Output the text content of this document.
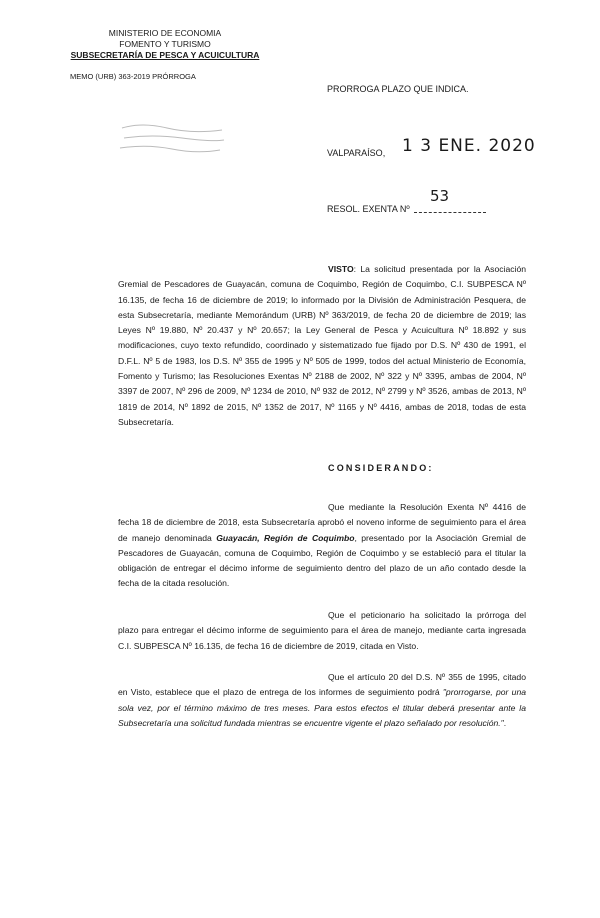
MINISTERIO DE ECONOMIA
FOMENTO Y TURISMO
SUBSECRETARÍA DE PESCA Y ACUICULTURA
MEMO (URB) 363-2019 PRÓRROGA
PRORROGA PLAZO QUE INDICA.
VALPARAÍSO, 1 3 ENE. 2020
53
RESOL. EXENTA Nº
VISTO: La solicitud presentada por la Asociación Gremial de Pescadores de Guayacán, comuna de Coquimbo, Región de Coquimbo, C.I. SUBPESCA Nº 16.135, de fecha 16 de diciembre de 2019; lo informado por la División de Administración Pesquera, de esta Subsecretaría, mediante Memorándum (URB) Nº 363/2019, de fecha 20 de diciembre de 2019; las Leyes Nº 19.880, Nº 20.437 y Nº 20.657; la Ley General de Pesca y Acuicultura Nº 18.892 y sus modificaciones, cuyo texto refundido, coordinado y sistematizado fue fijado por D.S. Nº 430 de 1991, el D.F.L. Nº 5 de 1983, los D.S. Nº 355 de 1995 y Nº 505 de 1999, todos del actual Ministerio de Economía, Fomento y Turismo; las Resoluciones Exentas Nº 2188 de 2002, Nº 322 y Nº 3395, ambas de 2004, Nº 3397 de 2007, Nº 296 de 2009, Nº 1234 de 2010, Nº 932 de 2012, Nº 2799 y Nº 3526, ambas de 2013, Nº 1819 de 2014, Nº 1892 de 2015, Nº 1352 de 2017, Nº 1165 y Nº 4416, ambas de 2018, todas de esta Subsecretaría.
CONSIDERANDO:
Que mediante la Resolución Exenta Nº 4416 de fecha 18 de diciembre de 2018, esta Subsecretaría aprobó el noveno informe de seguimiento para el área de manejo denominada Guayacán, Región de Coquimbo, presentado por la Asociación Gremial de Pescadores de Guayacán, comuna de Coquimbo, Región de Coquimbo y se estableció para el titular la obligación de entregar el décimo informe de seguimiento dentro del plazo de un año contado desde la fecha de la citada resolución.
Que el peticionario ha solicitado la prórroga del plazo para entregar el décimo informe de seguimiento para el área de manejo, mediante carta ingresada C.I. SUBPESCA Nº 16.135, de fecha 16 de diciembre de 2019, citada en Visto.
Que el artículo 20 del D.S. Nº 355 de 1995, citado en Visto, establece que el plazo de entrega de los informes de seguimiento podrá "prorrogarse, por una sola vez, por el término máximo de tres meses. Para estos efectos el titular deberá presentar ante la Subsecretaría una solicitud fundada mientras se encuentre vigente el plazo señalado por resolución.".
